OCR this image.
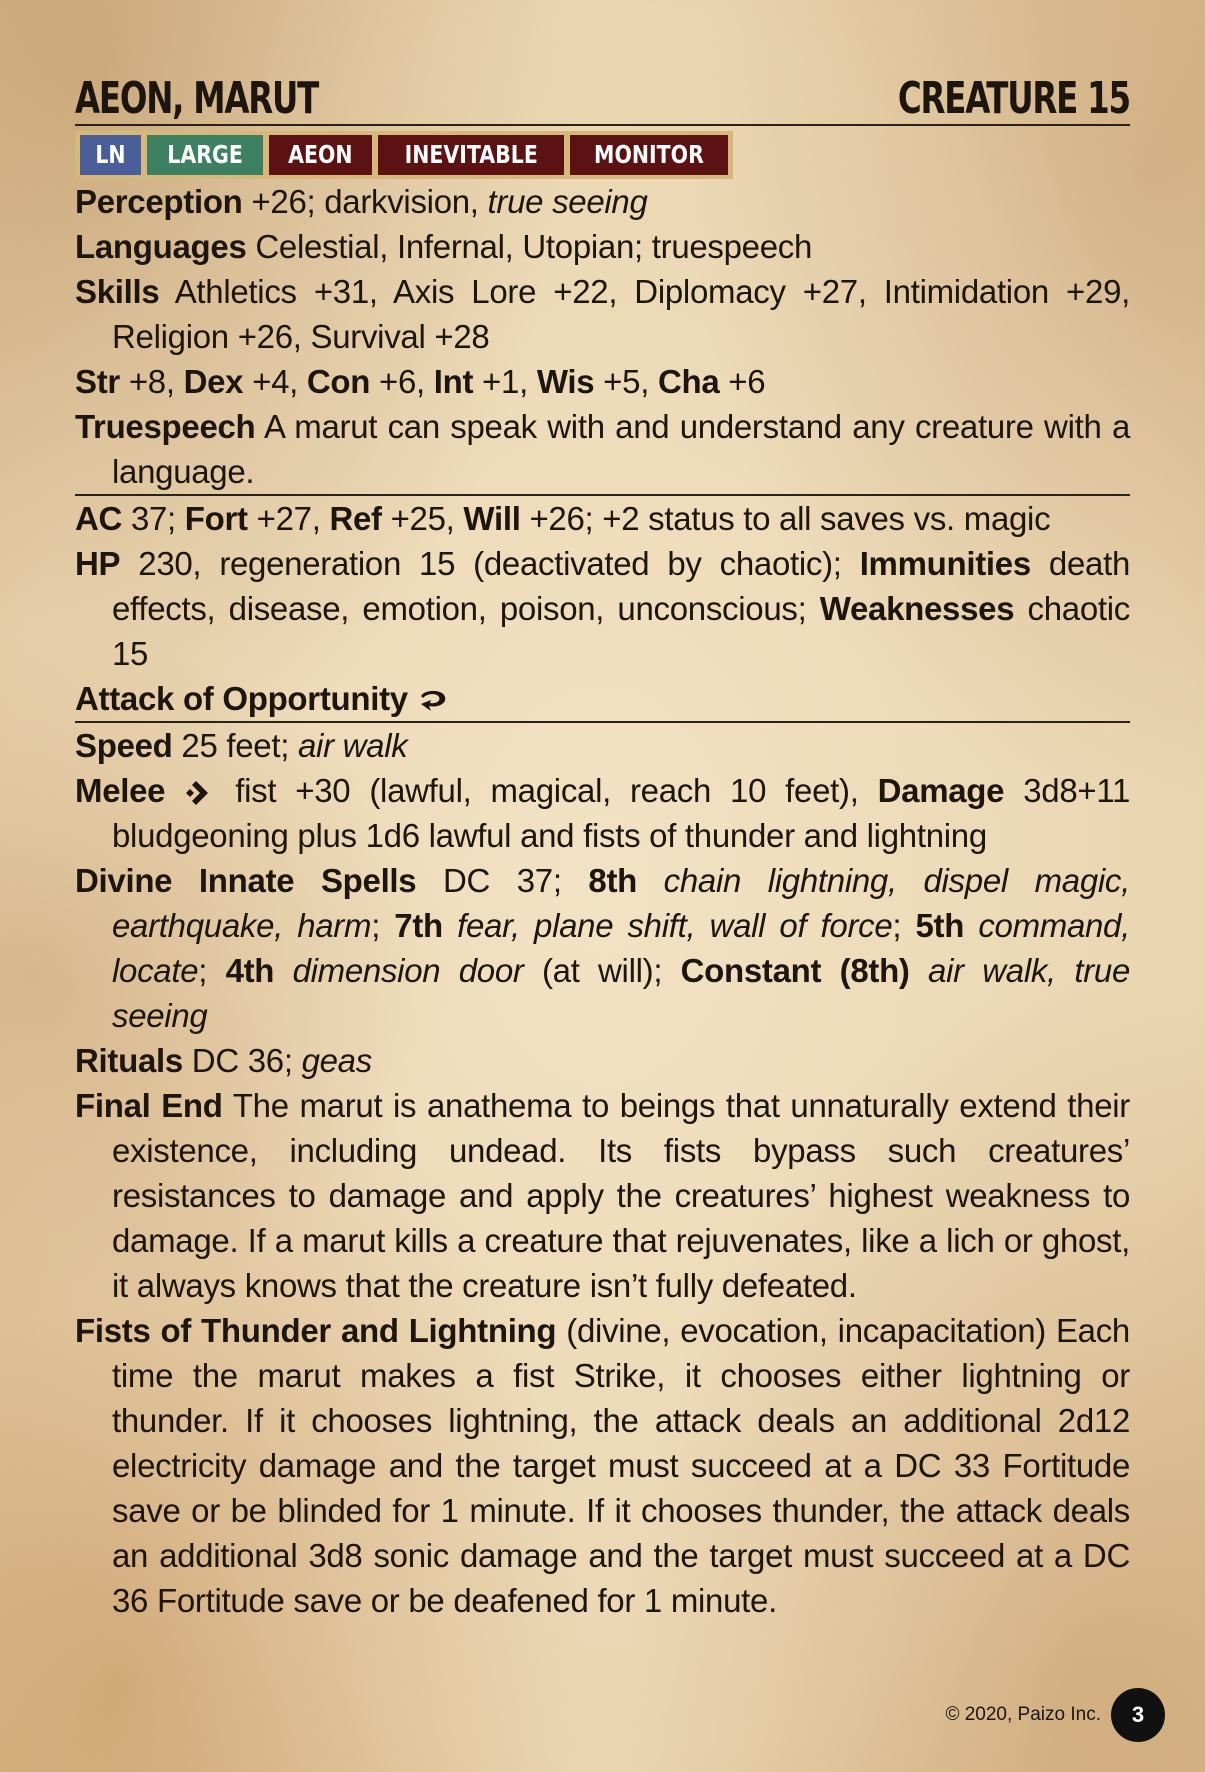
AEON, MARUT	CREATURE 15
LN LARGE AEON INEVITABLE MONITOR
Perception +26; darkvision, true seeing
Languages Celestial, Infernal, Utopian; truespeech
Skills Athletics +31, Axis Lore +22, Diplomacy +27, Intimidation +29, Religion +26, Survival +28
Str +8, Dex +4, Con +6, Int +1, Wis +5, Cha +6
Truespeech A marut can speak with and understand any creature with a language.
AC 37; Fort +27, Ref +25, Will +26; +2 status to all saves vs. magic
HP 230, regeneration 15 (deactivated by chaotic); Immunities death effects, disease, emotion, poison, unconscious; Weaknesses chaotic 15
Attack of Opportunity
Speed 25 feet; air walk
Melee  fist +30 (lawful, magical, reach 10 feet), Damage 3d8+11 bludgeoning plus 1d6 lawful and fists of thunder and lightning
Divine Innate Spells DC 37; 8th chain lightning, dispel magic, earthquake, harm; 7th fear, plane shift, wall of force; 5th command, locate; 4th dimension door (at will); Constant (8th) air walk, true seeing
Rituals DC 36; geas
Final End The marut is anathema to beings that unnaturally extend their existence, including undead. Its fists bypass such creatures’ resistances to damage and apply the creatures’ highest weakness to damage. If a marut kills a creature that rejuvenates, like a lich or ghost, it always knows that the creature isn’t fully defeated.
Fists of Thunder and Lightning (divine, evocation, incapacitation) Each time the marut makes a fist Strike, it chooses either lightning or thunder. If it chooses lightning, the attack deals an additional 2d12 electricity damage and the target must succeed at a DC 33 Fortitude save or be blinded for 1 minute. If it chooses thunder, the attack deals an additional 3d8 sonic damage and the target must succeed at a DC 36 Fortitude save or be deafened for 1 minute.
© 2020, Paizo Inc.	3
